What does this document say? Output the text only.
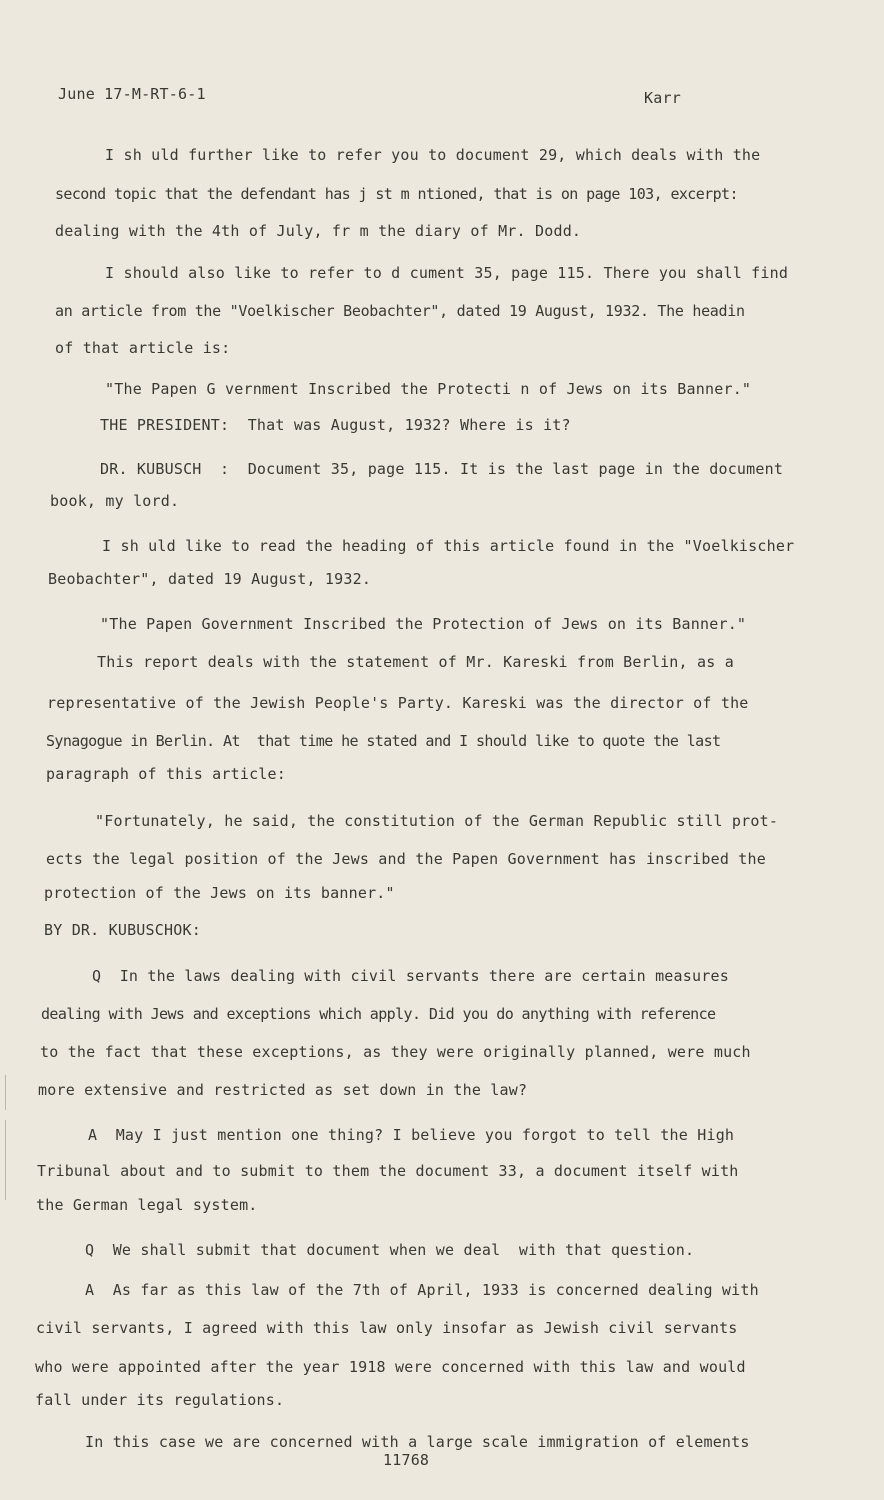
June 17-M-RT-6-1	Karr
I sh uld further like to refer you to document 29, which deals with the
second topic that the defendant has j st m ntioned, that is on page 103, excerpt:
dealing with the 4th of July, fr m the diary of Mr. Dodd.
I should also like to refer to d cument 35, page 115. There you shall find
an article from the "Voelkischer Beobachter", dated 19 August, 1932. The headin
of that article is:
"The Papen G vernment Inscribed the Protecti n of Jews on its Banner."
THE PRESIDENT:  That was August, 1932? Where is it?
DR. KUBUSCH  :  Document 35, page 115. It is the last page in the document
book, my lord.
I sh uld like to read the heading of this article found in the "Voelkischer
Beobachter", dated 19 August, 1932.
"The Papen Government Inscribed the Protection of Jews on its Banner."
This report deals with the statement of Mr. Kareski from Berlin, as a
representative of the Jewish People's Party. Kareski was the director of the
Synagogue in Berlin. At  that time he stated and I should like to quote the last
paragraph of this article:
"Fortunately, he said, the constitution of the German Republic still prot-
ects the legal position of the Jews and the Papen Government has inscribed the
protection of the Jews on its banner."
BY DR. KUBUSCHOK:
Q  In the laws dealing with civil servants there are certain measures
dealing with Jews and exceptions which apply. Did you do anything with reference
to the fact that these exceptions, as they were originally planned, were much
more extensive and restricted as set down in the law?
A  May I just mention one thing? I believe you forgot to tell the High
Tribunal about and to submit to them the document 33, a document itself with
the German legal system.
Q  We shall submit that document when we deal  with that question.
A  As far as this law of the 7th of April, 1933 is concerned dealing with
civil servants, I agreed with this law only insofar as Jewish civil servants
who were appointed after the year 1918 were concerned with this law and would
fall under its regulations.
In this case we are concerned with a large scale immigration of elements
11768
